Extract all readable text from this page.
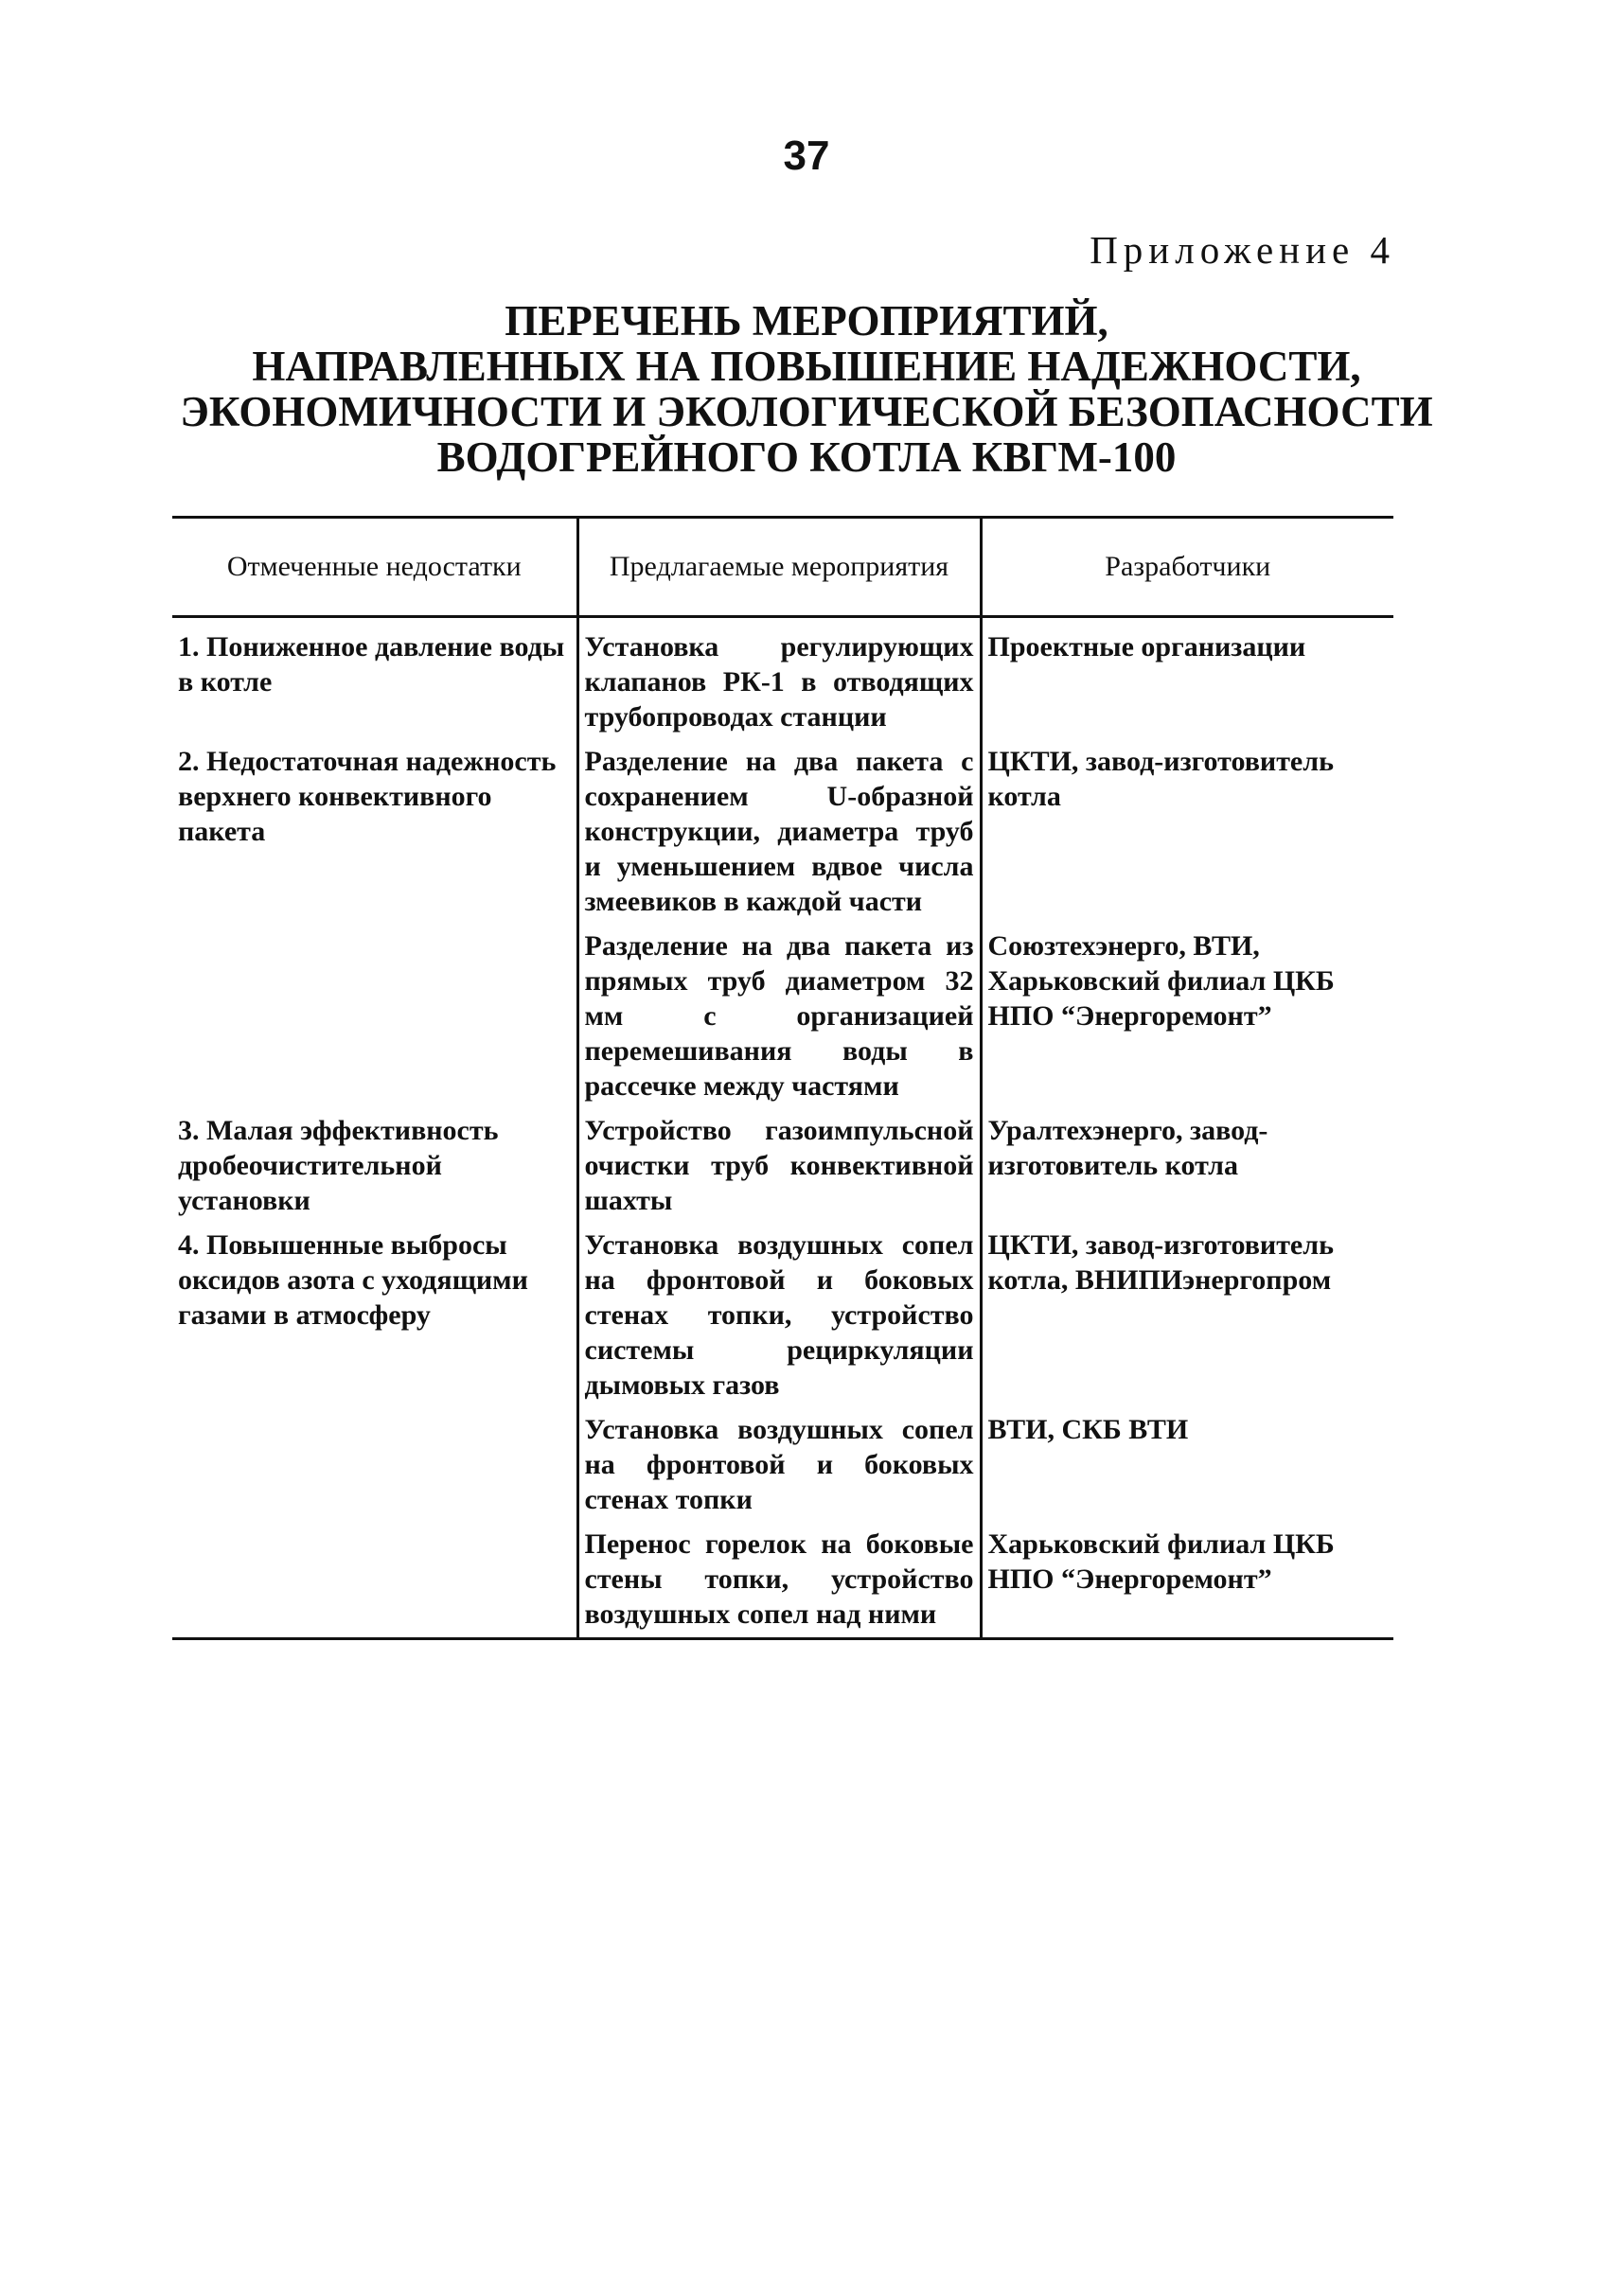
37
Приложение 4
ПЕРЕЧЕНЬ МЕРОПРИЯТИЙ,
НАПРАВЛЕННЫХ НА ПОВЫШЕНИЕ НАДЕЖНОСТИ,
ЭКОНОМИЧНОСТИ И ЭКОЛОГИЧЕСКОЙ БЕЗОПАСНОСТИ
ВОДОГРЕЙНОГО КОТЛА КВГМ-100
Отмеченные недостатки	Предлагаемые мероприятия	Разработчики
1. Пониженное давление воды в котле	Установка регулирующих клапанов РК-1 в отводящих трубопроводах станции	Проектные организации
2. Недостаточная надежность верхнего конвективного пакета	Разделение на два пакета с сохранением U-образной конструкции, диаметра труб и уменьшением вдвое числа змеевиков в каждой части	ЦКТИ, завод-изготовитель котла
	Разделение на два пакета из прямых труб диаметром 32 мм с организацией перемешивания воды в рассечке между частями	Союзтехэнерго, ВТИ, Харьковский филиал ЦКБ НПО “Энергоремонт”
3. Малая эффективность дробеочистительной установки	Устройство газоимпульсной очистки труб конвективной шахты	Уралтехэнерго, завод-изготовитель котла
4. Повышенные выбросы оксидов азота с уходящими газами в атмосферу	Установка воздушных сопел на фронтовой и боковых стенах топки, устройство системы рециркуляции дымовых газов	ЦКТИ, завод-изготовитель котла, ВНИПИэнергопром
	Установка воздушных сопел на фронтовой и боковых стенах топки	ВТИ, СКБ ВТИ
	Перенос горелок на боковые стены топки, устройство воздушных сопел над ними	Харьковский филиал ЦКБ НПО “Энергоремонт”
